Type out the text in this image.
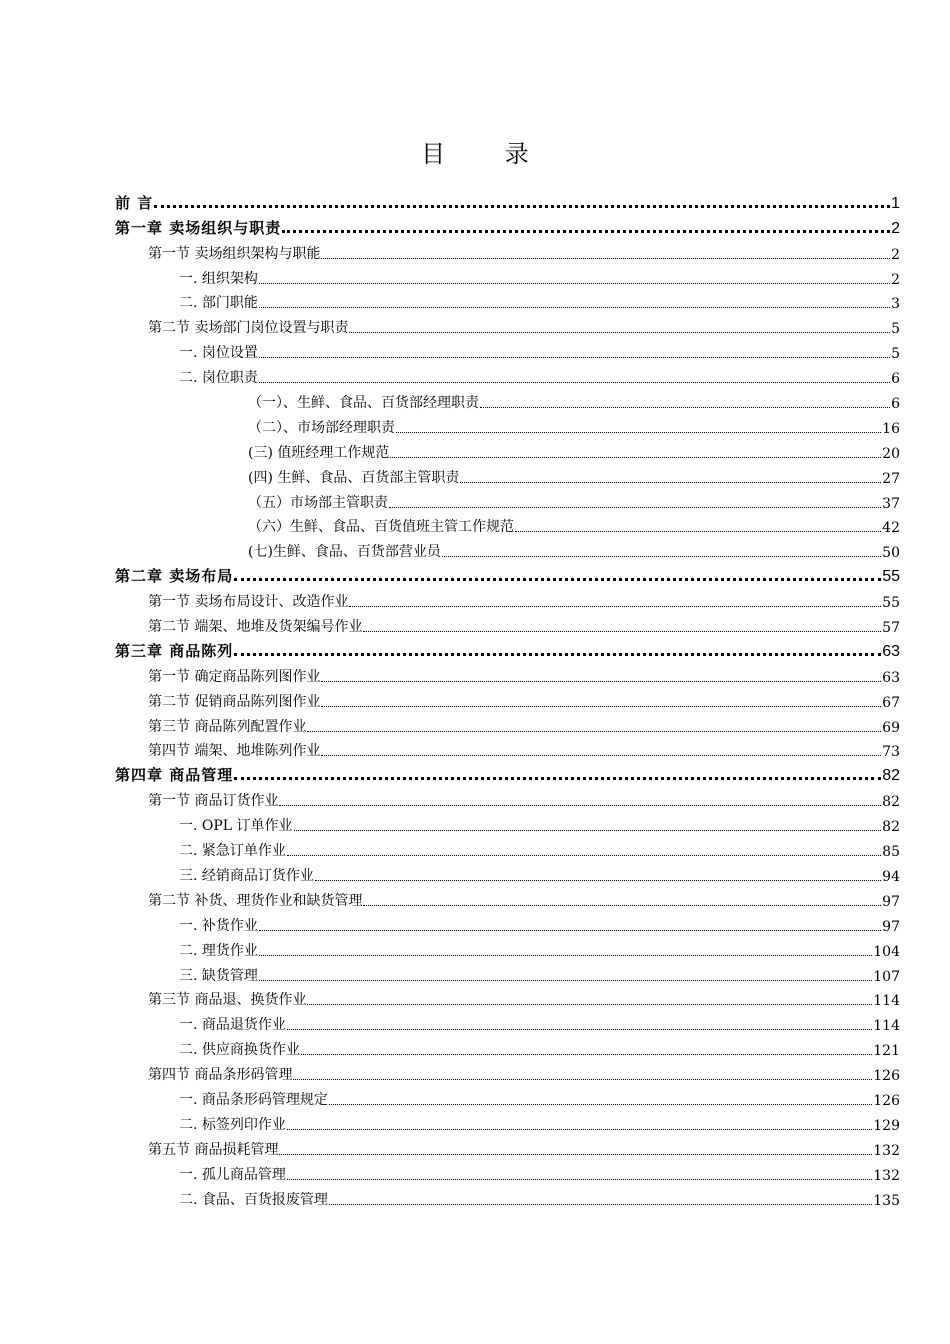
目 录
前 言	1
第一章 卖场组织与职责	2
第一节 卖场组织架构与职能	2
一. 组织架构	2
二. 部门职能	3
第二节 卖场部门岗位设置与职责	5
一. 岗位设置	5
二. 岗位职责	6
（一）、生鲜、食品、百货部经理职责	6
（二）、市场部经理职责	16
(三) 值班经理工作规范	20
(四) 生鲜、食品、百货部主管职责	27
（五）市场部主管职责	37
（六）生鲜、食品、百货值班主管工作规范	42
(七)生鲜、食品、百货部营业员	50
第二章 卖场布局	55
第一节 卖场布局设计、改造作业	55
第二节 端架、地堆及货架编号作业	57
第三章 商品陈列	63
第一节 确定商品陈列图作业	63
第二节 促销商品陈列图作业	67
第三节 商品陈列配置作业	69
第四节 端架、地堆陈列作业	73
第四章 商品管理	82
第一节 商品订货作业	82
一. OPL 订单作业	82
二. 紧急订单作业	85
三. 经销商品订货作业	94
第二节 补货、理货作业和缺货管理	97
一. 补货作业	97
二. 理货作业	104
三. 缺货管理	107
第三节 商品退、换货作业	114
一. 商品退货作业	114
二. 供应商换货作业	121
第四节 商品条形码管理	126
一. 商品条形码管理规定	126
二. 标签列印作业	129
第五节 商品损耗管理	132
一. 孤儿商品管理	132
二. 食品、百货报废管理	135
